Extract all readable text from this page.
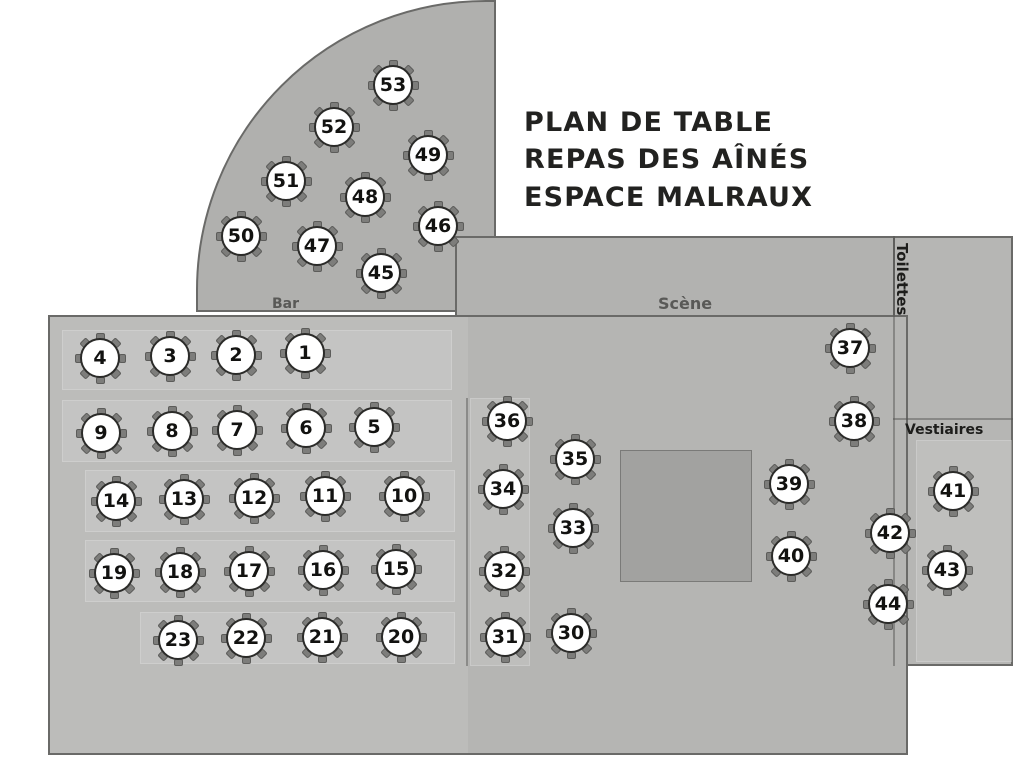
PLAN DE TABLE
REPAS DES AÎNÉS
ESPACE MALRAUX
Bar	Scène	Toilettes
Vestiaires
1
2
3
4
5
6
7
8
9
10
11
12
13
14
15
16
17
18
19
20
21
22
23	30
31
32
33
34
35
36
37
38
39
40
41
42
43
44
45
46
47
48
49
50
51
52
53
